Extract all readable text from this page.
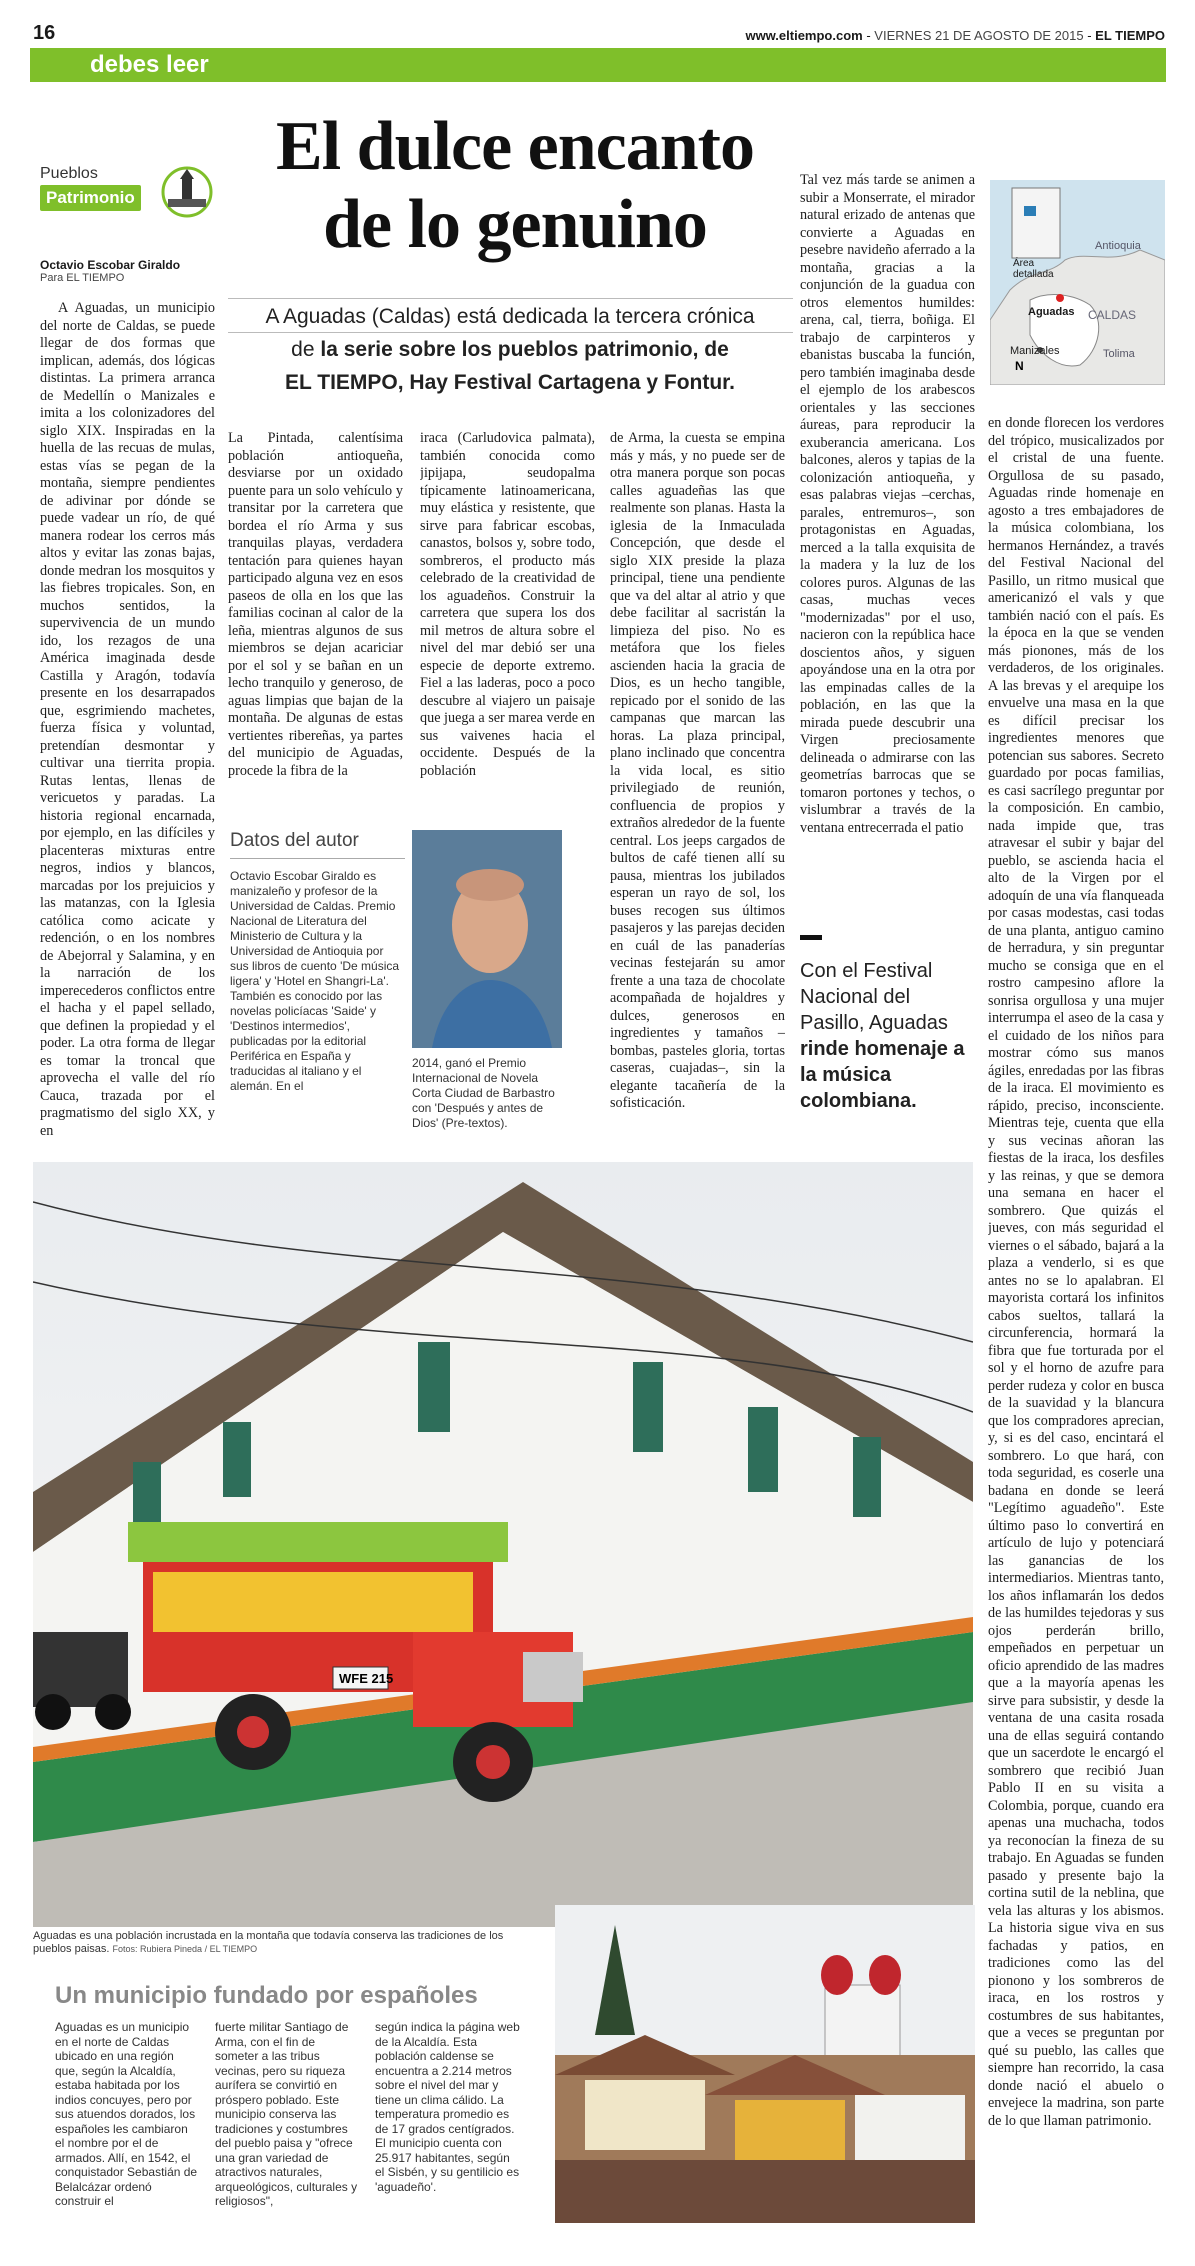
16	www.eltiempo.com - VIERNES 21 DE AGOSTO DE 2015 - EL TIEMPO
debes leer
Pueblos
Patrimonio
Octavio Escobar Giraldo
Para EL TIEMPO
El dulce encanto
de lo genuino
A Aguadas (Caldas) está dedicada la tercera crónica
de la serie sobre los pueblos patrimonio, de
EL TIEMPO, Hay Festival Cartagena y Fontur.
N
Área detallada
Antioquia
Aguadas CALDAS
Manizales	Tolima

A Aguadas, un municipio del norte de Caldas, se puede llegar de dos formas que implican, además, dos lógicas distintas. La primera arranca de Medellín o Manizales e imita a los colonizadores del siglo XIX. Inspiradas en la huella de las recuas de mulas, estas vías se pegan de la montaña, siempre pendientes de adivinar por dónde se puede vadear un río, de qué manera rodear los cerros más altos y evitar las zonas bajas, donde medran los mosquitos y las fiebres tropicales. Son, en muchos sentidos, la supervivencia de un mundo ido, los rezagos de una América imaginada desde Castilla y Aragón, todavía presente en los desarrapados que, esgrimiendo machetes, fuerza física y voluntad, pretendían desmontar y cultivar una tierrita propia. Rutas lentas, llenas de vericuetos y paradas. La historia regional encarnada, por ejemplo, en las difíciles y placenteras mixturas entre negros, indios y blancos, marcadas por los prejuicios y las matanzas, con la Iglesia católica como acicate y redención, o en los nombres de Abejorral y Salamina, y en la narración de los imperecederos conflictos entre el hacha y el papel sellado, que definen la propiedad y el poder. La otra forma de llegar es tomar la troncal que aprovecha el valle del río Cauca, trazada por el pragmatismo del siglo XX, y en

La Pintada, calentísima población antioqueña, desviarse por un oxidado puente para un solo vehículo y transitar por la carretera que bordea el río Arma y sus tranquilas playas, verdadera tentación para quienes hayan participado alguna vez en esos paseos de olla en los que las familias cocinan al calor de la leña, mientras algunos de sus miembros se dejan acariciar por el sol y se bañan en un lecho tranquilo y generoso, de aguas limpias que bajan de la montaña. De algunas de estas vertientes ribereñas, ya partes del municipio de Aguadas, procede la fibra de la

iraca (Carludovica palmata), también conocida como jipijapa, seudopalma típicamente latinoamericana, muy elástica y resistente, que sirve para fabricar escobas, canastos, bolsos y, sobre todo, sombreros, el producto más celebrado de la creatividad de los aguadeños. Construir la carretera que supera los dos mil metros de altura sobre el nivel del mar debió ser una especie de deporte extremo. Fiel a las laderas, poco a poco descubre al viajero un paisaje que juega a ser marea verde en sus vaivenes hacia el occidente. Después de la población

de Arma, la cuesta se empina más y más, y no puede ser de otra manera porque son pocas calles aguadeñas las que realmente son planas. Hasta la iglesia de la Inmaculada Concepción, que desde el siglo XIX preside la plaza principal, tiene una pendiente que va del altar al atrio y que debe facilitar al sacristán la limpieza del piso. No es metáfora que los fieles ascienden hacia la gracia de Dios, es un hecho tangible, repicado por el sonido de las campanas que marcan las horas. La plaza principal, plano inclinado que concentra la vida local, es sitio privilegiado de reunión, confluencia de propios y extraños alrededor de la fuente central. Los jeeps cargados de bultos de café tienen allí su pausa, mientras los jubilados esperan un rayo de sol, los buses recogen sus últimos pasajeros y las parejas deciden en cuál de las panaderías vecinas festejarán su amor frente a una taza de chocolate acompañada de hojaldres y dulces, generosos en ingredientes y tamaños –bombas, pasteles gloria, tortas caseras, cuajadas–, sin la elegante tacañería de la sofisticación.

Tal vez más tarde se animen a subir a Monserrate, el mirador natural erizado de antenas que convierte a Aguadas en pesebre navideño aferrado a la montaña, gracias a la conjunción de la guadua con otros elementos humildes: arena, cal, tierra, boñiga. El trabajo de carpinteros y ebanistas buscaba la función, pero también imaginaba desde el ejemplo de los arabescos orientales y las secciones áureas, para reproducir la exuberancia americana. Los balcones, aleros y tapias de la colonización antioqueña, y esas palabras viejas –cerchas, parales, entremuros–, son protagonistas en Aguadas, merced a la talla exquisita de la madera y la luz de los colores puros. Algunas de las casas, muchas veces "modernizadas" por el uso, nacieron con la república hace doscientos años, y siguen apoyándose una en la otra por las empinadas calles de la población, en las que la mirada puede descubrir una Virgen preciosamente delineada o admirarse con las geometrías barrocas que se tomaron portones y techos, o vislumbrar a través de la ventana entrecerrada el patio

en donde florecen los verdores del trópico, musicalizados por el cristal de una fuente. Orgullosa de su pasado, Aguadas rinde homenaje en agosto a tres embajadores de la música colombiana, los hermanos Hernández, a través del Festival Nacional del Pasillo, un ritmo musical que americanizó el vals y que también nació con el país. Es la época en la que se venden más pionones, más de los verdaderos, de los originales. A las brevas y el arequipe los envuelve una masa en la que es difícil precisar los ingredientes menores que potencian sus sabores. Secreto guardado por pocas familias, es casi sacrílego preguntar por la composición. En cambio, nada impide que, tras atravesar el subir y bajar del pueblo, se ascienda hacia el alto de la Virgen por el adoquín de una vía flanqueada por casas modestas, casi todas de una planta, antiguo camino de herradura, y sin preguntar mucho se consiga que en el rostro campesino aflore la sonrisa orgullosa y una mujer interrumpa el aseo de la casa y el cuidado de los niños para mostrar cómo sus manos ágiles, enredadas por las fibras de la iraca. El movimiento es rápido, preciso, inconsciente. Mientras teje, cuenta que ella y sus vecinas añoran las fiestas de la iraca, los desfiles y las reinas, y que se demora una semana en hacer el sombrero. Que quizás el jueves, con más seguridad el viernes o el sábado, bajará a la plaza a venderlo, si es que antes no se lo apalabran. El mayorista cortará los infinitos cabos sueltos, tallará la circunferencia, hormará la fibra que fue torturada por el sol y el horno de azufre para perder rudeza y color en busca de la suavidad y la blancura que los compradores aprecian, y, si es del caso, encintará el sombrero. Lo que hará, con toda seguridad, es coserle una badana en donde se leerá "Legítimo aguadeño". Este último paso lo convertirá en artículo de lujo y potenciará las ganancias de los intermediarios. Mientras tanto, los años inflamarán los dedos de las humildes tejedoras y sus ojos perderán brillo, empeñados en perpetuar un oficio aprendido de las madres que a la mayoría apenas les sirve para subsistir, y desde la ventana de una casita rosada una de ellas seguirá contando que un sacerdote le encargó el sombrero que recibió Juan Pablo II en su visita a Colombia, porque, cuando era apenas una muchacha, todos ya reconocían la fineza de su trabajo. En Aguadas se funden pasado y presente bajo la cortina sutil de la neblina, que vela las alturas y los abismos. La historia sigue viva en sus fachadas y patios, en tradiciones como las del pionono y los sombreros de iraca, en los rostros y costumbres de sus habitantes, que a veces se preguntan por qué su pueblo, las calles que siempre han recorrido, la casa donde nació el abuelo o envejece la madrina, son parte de lo que llaman patrimonio.

Datos del autor
Octavio Escobar Giraldo es manizaleño y profesor de la Universidad de Caldas. Premio Nacional de Literatura del Ministerio de Cultura y la Universidad de Antioquia por sus libros de cuento 'De música ligera' y 'Hotel en Shangri-La'. También es conocido por las novelas policíacas 'Saide' y 'Destinos intermedios', publicadas por la editorial Periférica en España y traducidas al italiano y el alemán. En el
2014, ganó el Premio Internacional de Novela Corta Ciudad de Barbastro con 'Después y antes de Dios' (Pre-textos).
Con el Festival Nacional del Pasillo, Aguadas rinde homenaje a la música colombiana.
WFE 215
Aguadas es una población incrustada en la montaña que todavía conserva las tradiciones de los pueblos paisas. Fotos: Rubiera Pineda / EL TIEMPO
Un municipio fundado por españoles
Aguadas es un municipio en el norte de Caldas ubicado en una región que, según la Alcaldía, estaba habitada por los indios concuyes, pero por sus atuendos dorados, los españoles les cambiaron el nombre por el de armados. Allí, en 1542, el conquistador Sebastián de Belalcázar ordenó construir el
fuerte militar Santiago de Arma, con el fin de someter a las tribus vecinas, pero su riqueza aurífera se convirtió en próspero poblado. Este municipio conserva las tradiciones y costumbres del pueblo paisa y "ofrece una gran variedad de atractivos naturales, arqueológicos, culturales y religiosos",
según indica la página web de la Alcaldía. Esta población caldense se encuentra a 2.214 metros sobre el nivel del mar y tiene un clima cálido. La temperatura promedio es de 17 grados centígrados. El municipio cuenta con 25.917 habitantes, según el Sisbén, y su gentilicio es 'aguadeño'.
